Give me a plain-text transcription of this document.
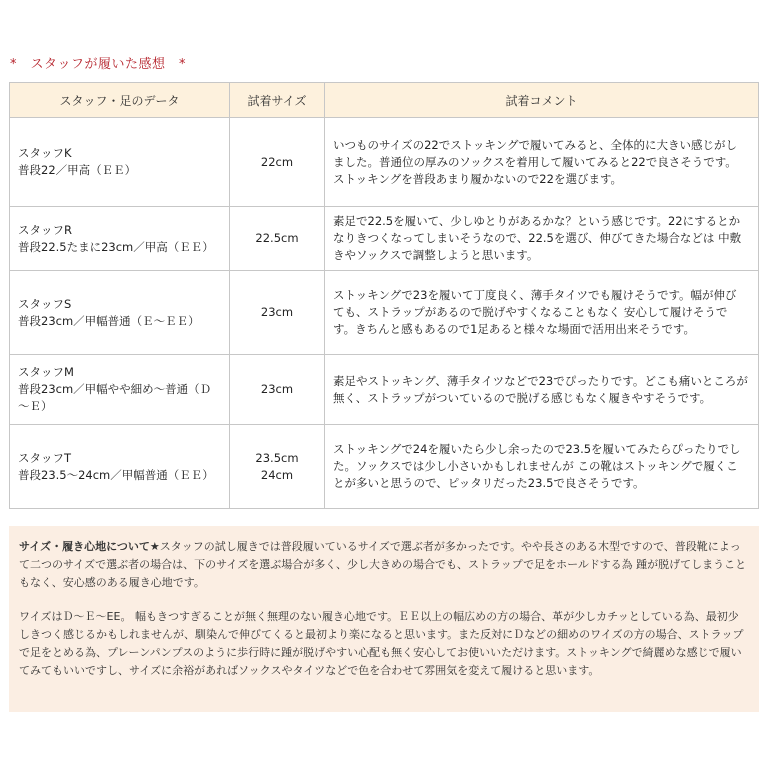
*　スタッフが履いた感想　*
スタッフ・足のデータ	試着サイズ	試着コメント

スタッフK
普段22／甲高（ＥＥ）	22cm	いつものサイズの22でストッキングで履いてみると、全体的に大きい感じがしました。普通位の厚みのソックスを着用して履いてみると22で良さそうです。ストッキングを普段あまり履かないので22を選びます。

スタッフR
普段22.5たまに23cm／甲高（ＥＥ）	22.5cm	素足で22.5を履いて、少しゆとりがあるかな？という感じです。22にするとかなりきつくなってしまいそうなので、22.5を選び、伸びてきた場合などは 中敷きやソックスで調整しようと思います。

スタッフS
普段23cm／甲幅普通（Ｅ～ＥＥ）	23cm	ストッキングで23を履いて丁度良く、薄手タイツでも履けそうです。幅が伸びても、ストラップがあるので脱げやすくなることもなく 安心して履けそうです。きちんと感もあるので1足あると様々な場面で活用出来そうです。

スタッフM
普段23cm／甲幅やや細め～普通（Ｄ～Ｅ）	23cm	素足やストッキング、薄手タイツなどで23でぴったりです。どこも痛いところが無く、ストラップがついているので脱げる感じもなく履きやすそうです。

スタッフT
普段23.5～24cm／甲幅普通（ＥＥ）	23.5cm
24cm	ストッキングで24を履いたら少し余ったので23.5を履いてみたらぴったりでした。ソックスでは少し小さいかもしれませんが この靴はストッキングで履くことが多いと思うので、ピッタリだった23.5で良さそうです。

サイズ・履き心地について★スタッフの試し履きでは普段履いているサイズで選ぶ者が多かったです。やや長さのある木型ですので、普段靴によって二つのサイズで選ぶ者の場合は、下のサイズを選ぶ場合が多く、少し大きめの場合でも、ストラップで足をホールドする為 踵が脱げてしまうこともなく、安心感のある履き心地です。

ワイズはＤ～Ｅ～EE。 幅もきつすぎることが無く無理のない履き心地です。ＥＥ以上の幅広めの方の場合、革が少しカチッとしている為、最初少しきつく感じるかもしれませんが、馴染んで伸びてくると最初より楽になると思います。また反対にＤなどの細めのワイズの方の場合、ストラップで足をとめる為、プレーンパンプスのように歩行時に踵が脱げやすい心配も無く安心してお使いいただけます。ストッキングで綺麗めな感じで履いてみてもいいですし、サイズに余裕があればソックスやタイツなどで色を合わせて雰囲気を変えて履けると思います。
